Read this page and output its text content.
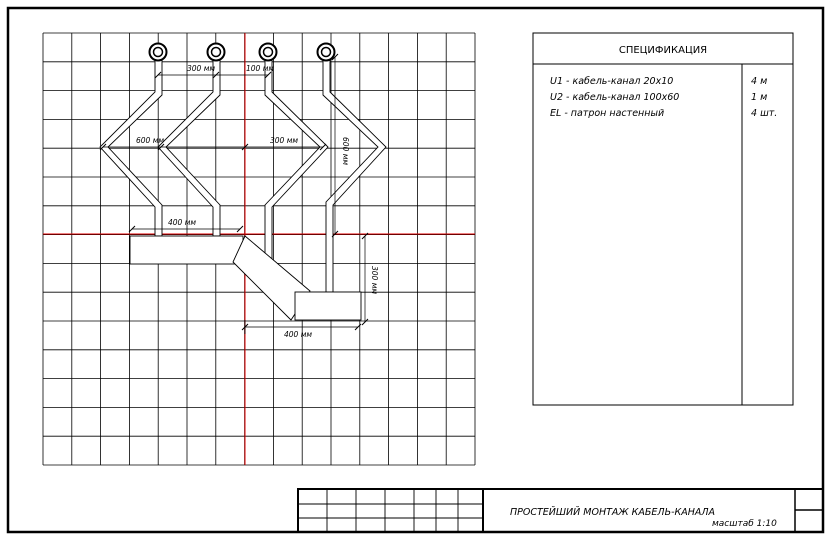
300 мм	100 мм
600 мм	300 мм	600 мм
400 мм
300 мм
400 мм
СПЕЦИФИКАЦИЯ
U1 - кабель-канал 20х10	4 м
U2 - кабель-канал 100х60	1 м
EL - патрон настенный	4 шт.
ПРОСТЕЙШИЙ МОНТАЖ КАБЕЛЬ-КАНАЛА
масштаб 1:10
